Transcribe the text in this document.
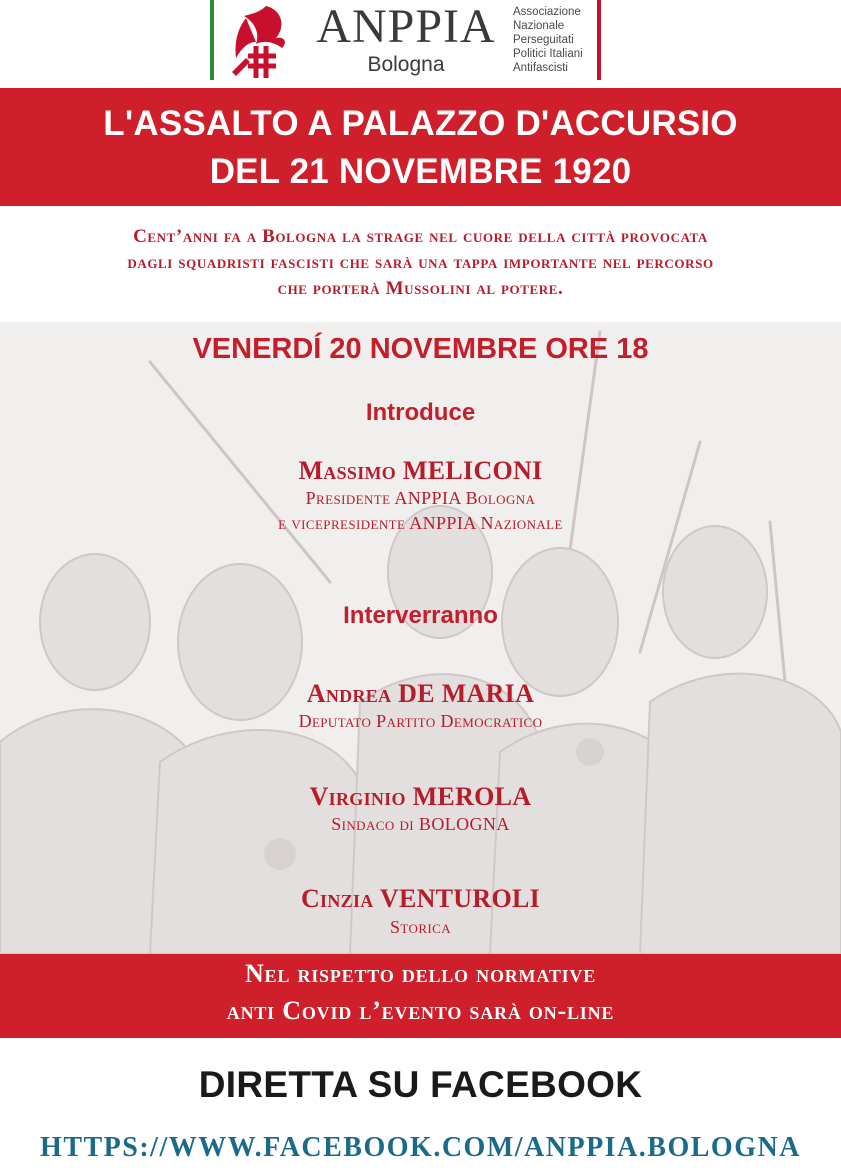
ANPPIA
Bologna
Associazione
Nazionale
Perseguitati
Politici Italiani
Antifascisti
L'ASSALTO A PALAZZO D'ACCURSIO
DEL 21 NOVEMBRE 1920
Cent’anni fa a Bologna la strage nel cuore della città provocata
dagli squadristi fascisti che sarà una tappa importante nel percorso
che porterà Mussolini al potere.
VENERDÍ 20 NOVEMBRE ORE 18
Introduce
Massimo MELICONI
Presidente ANPPIA Bologna
e vicepresidente ANPPIA Nazionale
Interverranno
Andrea DE MARIA
Deputato Partito Democratico
Virginio MEROLA
Sindaco di BOLOGNA
Cinzia VENTUROLI
Storica
Nel rispetto dello normative
anti Covid l’evento sarà on-line
DIRETTA SU FACEBOOK
HTTPS://WWW.FACEBOOK.COM/ANPPIA.BOLOGNA
